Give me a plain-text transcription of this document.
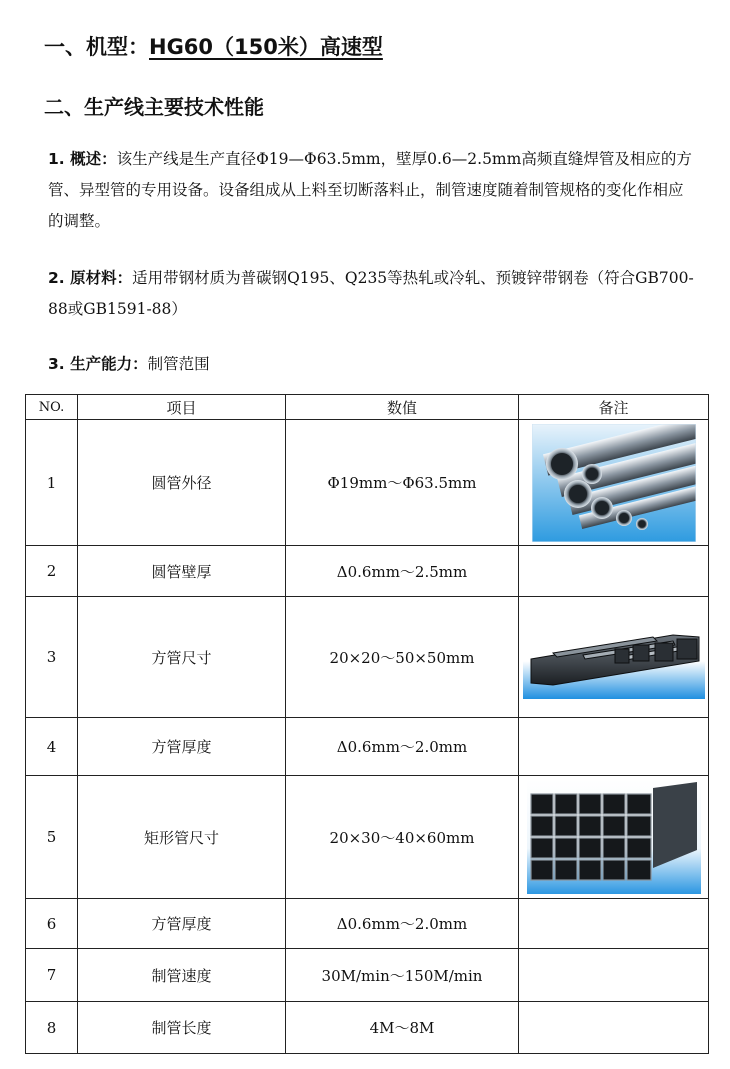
一、机型：HG60（150米）高速型
二、生产线主要技术性能

1. 概述：该生产线是生产直径Φ19—Φ63.5mm，壁厚0.6—2.5mm高频直缝焊管及相应的方管、异型管的专用设备。设备组成从上料至切断落料止，制管速度随着制管规格的变化作相应的调整。

2. 原材料：适用带钢材质为普碳钢Q195、Q235等热轧或冷轧、预镀锌带钢卷（符合GB700-88或GB1591-88）

3. 生产能力：制管范围

NO.	项目	数值	备注
1	圆管外径	Φ19mm～Φ63.5mm	

2	圆管壁厚	Δ0.6mm～2.5mm	
3	方管尺寸	20×20～50×50mm	

4	方管厚度	Δ0.6mm～2.0mm	
5	矩形管尺寸	20×30～40×60mm	

6	方管厚度	Δ0.6mm～2.0mm	
7	制管速度	30M/min～150M/min	
8	制管长度	4M～8M	
